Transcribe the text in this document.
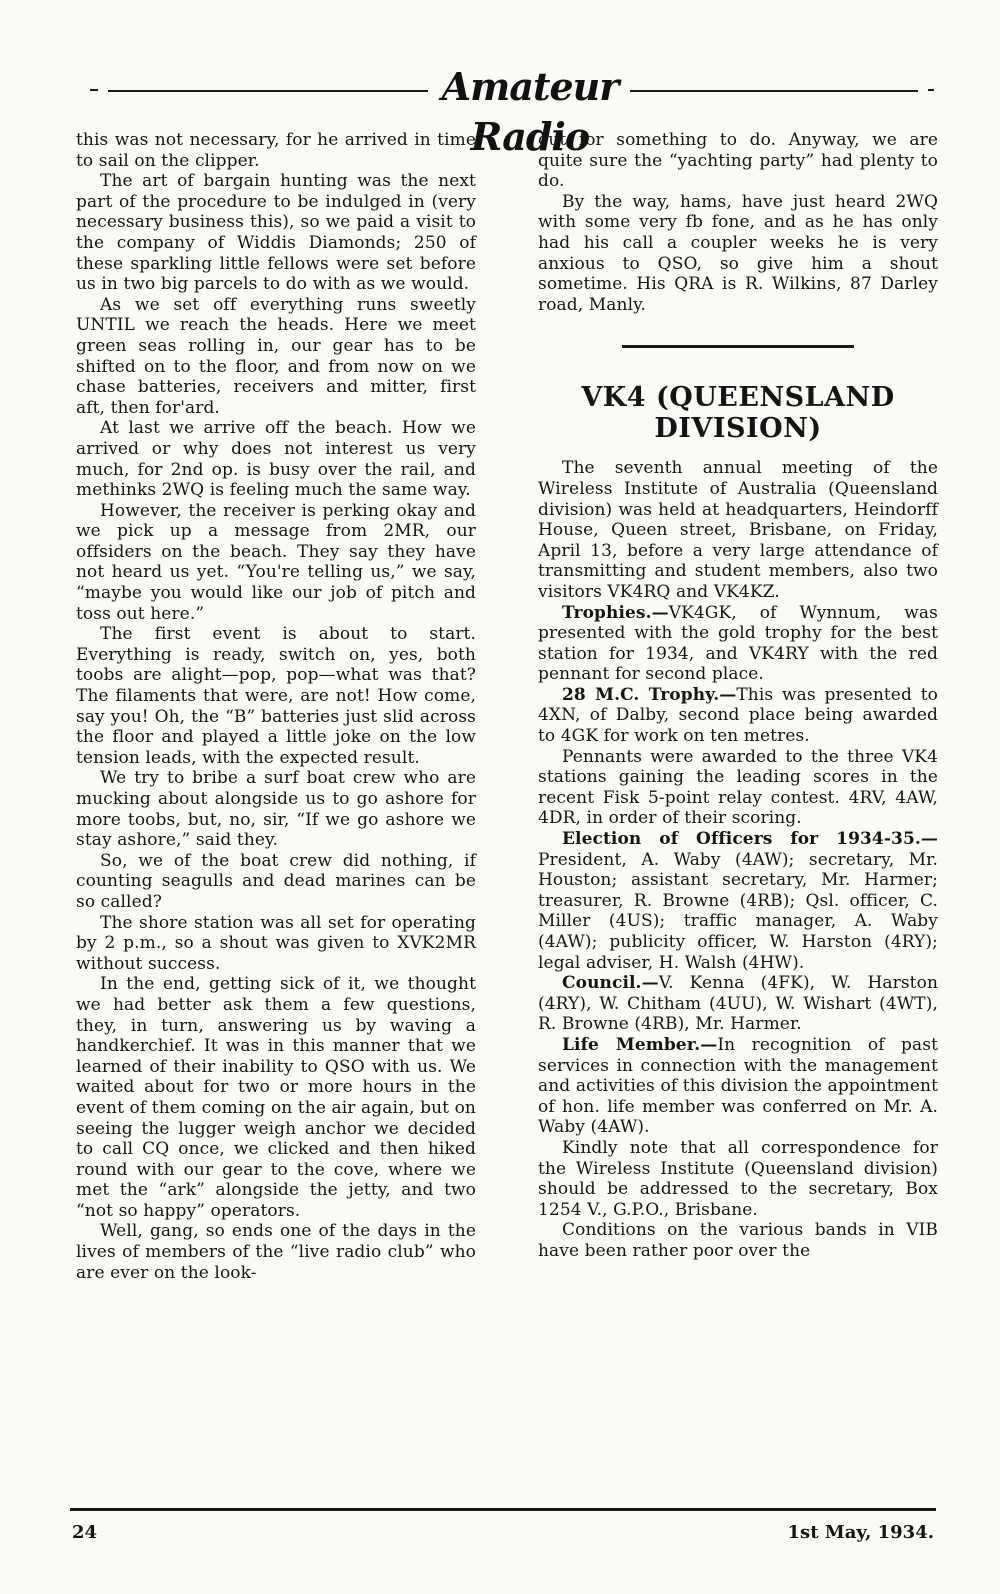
Amateur Radio

this was not necessary, for he arrived in time to sail on the clipper.

The art of bargain hunting was the next part of the procedure to be indulged in (very necessary business this), so we paid a visit to the company of Widdis Diamonds; 250 of these sparkling little fellows were set before us in two big parcels to do with as we would.

As we set off everything runs sweetly UNTIL we reach the heads. Here we meet green seas rolling in, our gear has to be shifted on to the floor, and from now on we chase batteries, receivers and mitter, first aft, then for'ard.

At last we arrive off the beach. How we arrived or why does not interest us very much, for 2nd op. is busy over the rail, and methinks 2WQ is feeling much the same way.

However, the receiver is perking okay and we pick up a message from 2MR, our offsiders on the beach. They say they have not heard us yet. “You're telling us,” we say, “maybe you would like our job of pitch and toss out here.”

The first event is about to start. Everything is ready, switch on, yes, both toobs are alight—pop, pop—what was that? The filaments that were, are not! How come, say you! Oh, the “B” batteries just slid across the floor and played a little joke on the low tension leads, with the expected result.

We try to bribe a surf boat crew who are mucking about alongside us to go ashore for more toobs, but, no, sir, “If we go ashore we stay ashore,” said they.

So, we of the boat crew did nothing, if counting seagulls and dead marines can be so called?

The shore station was all set for operating by 2 p.m., so a shout was given to XVK2MR without success.

In the end, getting sick of it, we thought we had better ask them a few questions, they, in turn, answering us by waving a handkerchief. It was in this manner that we learned of their inability to QSO with us. We waited about for two or more hours in the event of them coming on the air again, but on seeing the lugger weigh anchor we decided to call CQ once, we clicked and then hiked round with our gear to the cove, where we met the “ark” alongside the jetty, and two “not so happy” operators.

Well, gang, so ends one of the days in the lives of members of the “live radio club” who are ever on the look-

out for something to do. Anyway, we are quite sure the “yachting party” had plenty to do.

By the way, hams, have just heard 2WQ with some very fb fone, and as he has only had his call a coupler weeks he is very anxious to QSO, so give him a shout sometime. His QRA is R. Wilkins, 87 Darley road, Manly.

VK4 (QUEENSLAND DIVISION)

The seventh annual meeting of the Wireless Institute of Australia (Queensland division) was held at headquarters, Heindorff House, Queen street, Brisbane, on Friday, April 13, before a very large attendance of transmitting and student members, also two visitors VK4RQ and VK4KZ.

Trophies.—VK4GK, of Wynnum, was presented with the gold trophy for the best station for 1934, and VK4RY with the red pennant for second place.

28 M.C. Trophy.—This was presented to 4XN, of Dalby, second place being awarded to 4GK for work on ten metres.

Pennants were awarded to the three VK4 stations gaining the leading scores in the recent Fisk 5-point relay contest. 4RV, 4AW, 4DR, in order of their scoring.

Election of Officers for 1934-35.—President, A. Waby (4AW); secretary, Mr. Houston; assistant secretary, Mr. Harmer; treasurer, R. Browne (4RB); Qsl. officer, C. Miller (4US); traffic manager, A. Waby (4AW); publicity officer, W. Harston (4RY); legal adviser, H. Walsh (4HW).

Council.—V. Kenna (4FK), W. Harston (4RY), W. Chitham (4UU), W. Wishart (4WT), R. Browne (4RB), Mr. Harmer.

Life Member.—In recognition of past services in connection with the management and activities of this division the appointment of hon. life member was conferred on Mr. A. Waby (4AW).

Kindly note that all correspondence for the Wireless Institute (Queensland division) should be addressed to the secretary, Box 1254 V., G.P.O., Brisbane.

Conditions on the various bands in VIB have been rather poor over the

24	1st May, 1934.
